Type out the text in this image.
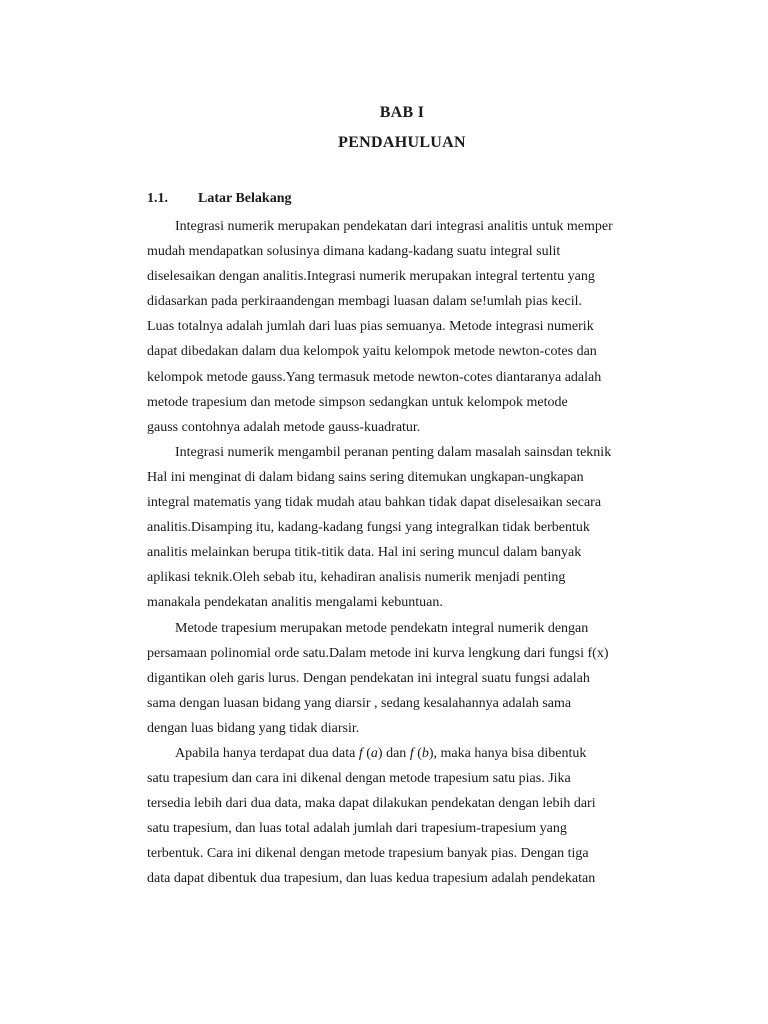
BAB I
PENDAHULUAN
1.1. Latar Belakang
Integrasi numerik merupakan pendekatan dari integrasi analitis untuk memper
mudah mendapatkan solusinya dimana kadang-kadang suatu integral sulit
diselesaikan dengan analitis.Integrasi numerik merupakan integral tertentu yang
didasarkan pada perkiraandengan membagi luasan dalam se!umlah pias kecil.
Luas totalnya adalah jumlah dari luas pias semuanya. Metode integrasi numerik
dapat dibedakan dalam dua kelompok yaitu kelompok metode newton-cotes dan
kelompok metode gauss.Yang termasuk metode newton-cotes diantaranya adalah
metode trapesium dan metode simpson sedangkan untuk kelompok metode
gauss contohnya adalah metode gauss-kuadratur.
Integrasi numerik mengambil peranan penting dalam masalah sainsdan teknik
Hal ini menginat di dalam bidang sains sering ditemukan ungkapan-ungkapan
integral matematis yang tidak mudah atau bahkan tidak dapat diselesaikan secara
analitis.Disamping itu, kadang-kadang fungsi yang integralkan tidak berbentuk
analitis melainkan berupa titik-titik data. Hal ini sering muncul dalam banyak
aplikasi teknik.Oleh sebab itu, kehadiran analisis numerik menjadi penting
manakala pendekatan analitis mengalami kebuntuan.
Metode trapesium merupakan metode pendekatn integral numerik dengan
persamaan polinomial orde satu.Dalam metode ini kurva lengkung dari fungsi f(x)
digantikan oleh garis lurus. Dengan pendekatan ini integral suatu fungsi adalah
sama dengan luasan bidang yang diarsir , sedang kesalahannya adalah sama
dengan luas bidang yang tidak diarsir.
Apabila hanya terdapat dua data f (a) dan f (b), maka hanya bisa dibentuk
satu trapesium dan cara ini dikenal dengan metode trapesium satu pias. Jika
tersedia lebih dari dua data, maka dapat dilakukan pendekatan dengan lebih dari
satu trapesium, dan luas total adalah jumlah dari trapesium-trapesium yang
terbentuk. Cara ini dikenal dengan metode trapesium banyak pias. Dengan tiga
data dapat dibentuk dua trapesium, dan luas kedua trapesium adalah pendekatan
